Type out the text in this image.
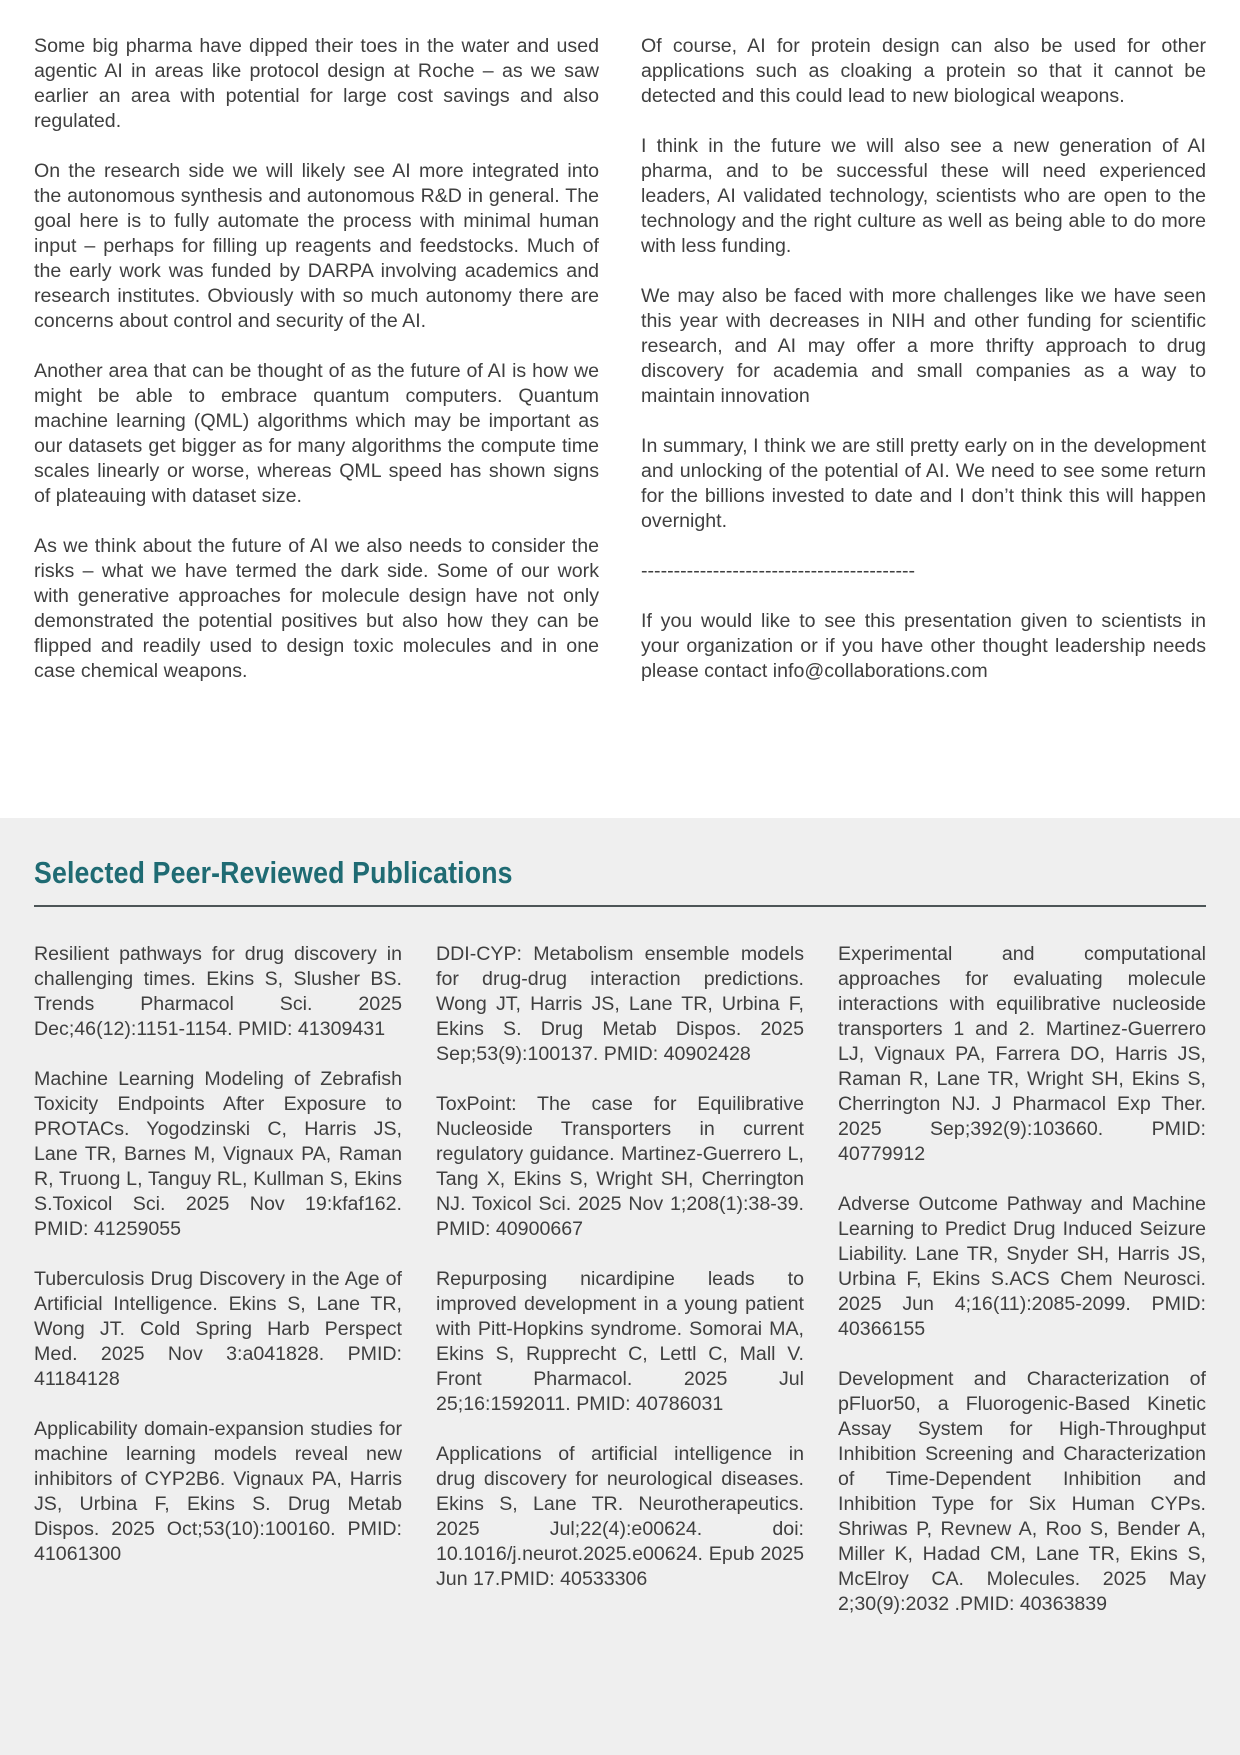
Some big pharma have dipped their toes in the water and used agentic AI in areas like protocol design at Roche – as we saw earlier an area with potential for large cost savings and also regulated.

On the research side we will likely see AI more integrated into the autonomous synthesis and autonomous R&D in general. The goal here is to fully automate the process with minimal human input – perhaps for filling up reagents and feedstocks. Much of the early work was funded by DARPA involving academics and research institutes. Obviously with so much autonomy there are concerns about control and security of the AI.

Another area that can be thought of as the future of AI is how we might be able to embrace quantum computers. Quantum machine learning (QML) algorithms which may be important as our datasets get bigger as for many algorithms the compute time scales linearly or worse, whereas QML speed has shown signs of plateauing with dataset size.

As we think about the future of AI we also needs to consider the risks – what we have termed the dark side. Some of our work with generative approaches for molecule design have not only demonstrated the potential positives but also how they can be flipped and readily used to design toxic molecules and in one case chemical weapons.

Of course, AI for protein design can also be used for other applications such as cloaking a protein so that it cannot be detected and this could lead to new biological weapons.

I think in the future we will also see a new generation of AI pharma, and to be successful these will need experienced leaders, AI validated technology, scientists who are open to the technology and the right culture as well as being able to do more with less funding.

We may also be faced with more challenges like we have seen this year with decreases in NIH and other funding for scientific research, and AI may offer a more thrifty approach to drug discovery for academia and small companies as a way to maintain innovation

In summary, I think we are still pretty early on in the development and unlocking of the potential of AI. We need to see some return for the billions invested to date and I don’t think this will happen overnight.

------------------------------------------

If you would like to see this presentation given to scientists in your organization or if you have other thought leadership needs please contact info@collaborations.com

Selected Peer-Reviewed Publications

Resilient pathways for drug discovery in challenging times. Ekins S, Slusher BS. Trends Pharmacol Sci. 2025 Dec;46(12):1151-1154. PMID: 41309431

Machine Learning Modeling of Zebrafish Toxicity Endpoints After Exposure to PROTACs. Yogodzinski C, Harris JS, Lane TR, Barnes M, Vignaux PA, Raman R, Truong L, Tanguy RL, Kullman S, Ekins S.Toxicol Sci. 2025 Nov 19:kfaf162. PMID: 41259055

Tuberculosis Drug Discovery in the Age of Artificial Intelligence. Ekins S, Lane TR, Wong JT. Cold Spring Harb Perspect Med. 2025 Nov 3:a041828. PMID: 41184128

Applicability domain-expansion studies for machine learning models reveal new inhibitors of CYP2B6. Vignaux PA, Harris JS, Urbina F, Ekins S. Drug Metab Dispos. 2025 Oct;53(10):100160. PMID: 41061300

DDI-CYP: Metabolism ensemble models for drug-drug interaction predictions. Wong JT, Harris JS, Lane TR, Urbina F, Ekins S. Drug Metab Dispos. 2025 Sep;53(9):100137. PMID: 40902428

ToxPoint: The case for Equilibrative Nucleoside Transporters in current regulatory guidance. Martinez-Guerrero L, Tang X, Ekins S, Wright SH, Cherrington NJ. Toxicol Sci. 2025 Nov 1;208(1):38-39. PMID: 40900667

Repurposing nicardipine leads to improved development in a young patient with Pitt-Hopkins syndrome. Somorai MA, Ekins S, Rupprecht C, Lettl C, Mall V. Front Pharmacol. 2025 Jul 25;16:1592011. PMID: 40786031

Applications of artificial intelligence in drug discovery for neurological diseases. Ekins S, Lane TR. Neurotherapeutics. 2025 Jul;22(4):e00624. doi: 10.1016/j.neurot.2025.e00624. Epub 2025 Jun 17.PMID: 40533306

Experimental and computational approaches for evaluating molecule interactions with equilibrative nucleoside transporters 1 and 2. Martinez-Guerrero LJ, Vignaux PA, Farrera DO, Harris JS, Raman R, Lane TR, Wright SH, Ekins S, Cherrington NJ. J Pharmacol Exp Ther. 2025 Sep;392(9):103660. PMID: 40779912

Adverse Outcome Pathway and Machine Learning to Predict Drug Induced Seizure Liability. Lane TR, Snyder SH, Harris JS, Urbina F, Ekins S.ACS Chem Neurosci. 2025 Jun 4;16(11):2085-2099. PMID: 40366155

Development and Characterization of pFluor50, a Fluorogenic-Based Kinetic Assay System for High-Throughput Inhibition Screening and Characterization of Time-Dependent Inhibition and Inhibition Type for Six Human CYPs. Shriwas P, Revnew A, Roo S, Bender A, Miller K, Hadad CM, Lane TR, Ekins S, McElroy CA. Molecules. 2025 May 2;30(9):2032 .PMID: 40363839
